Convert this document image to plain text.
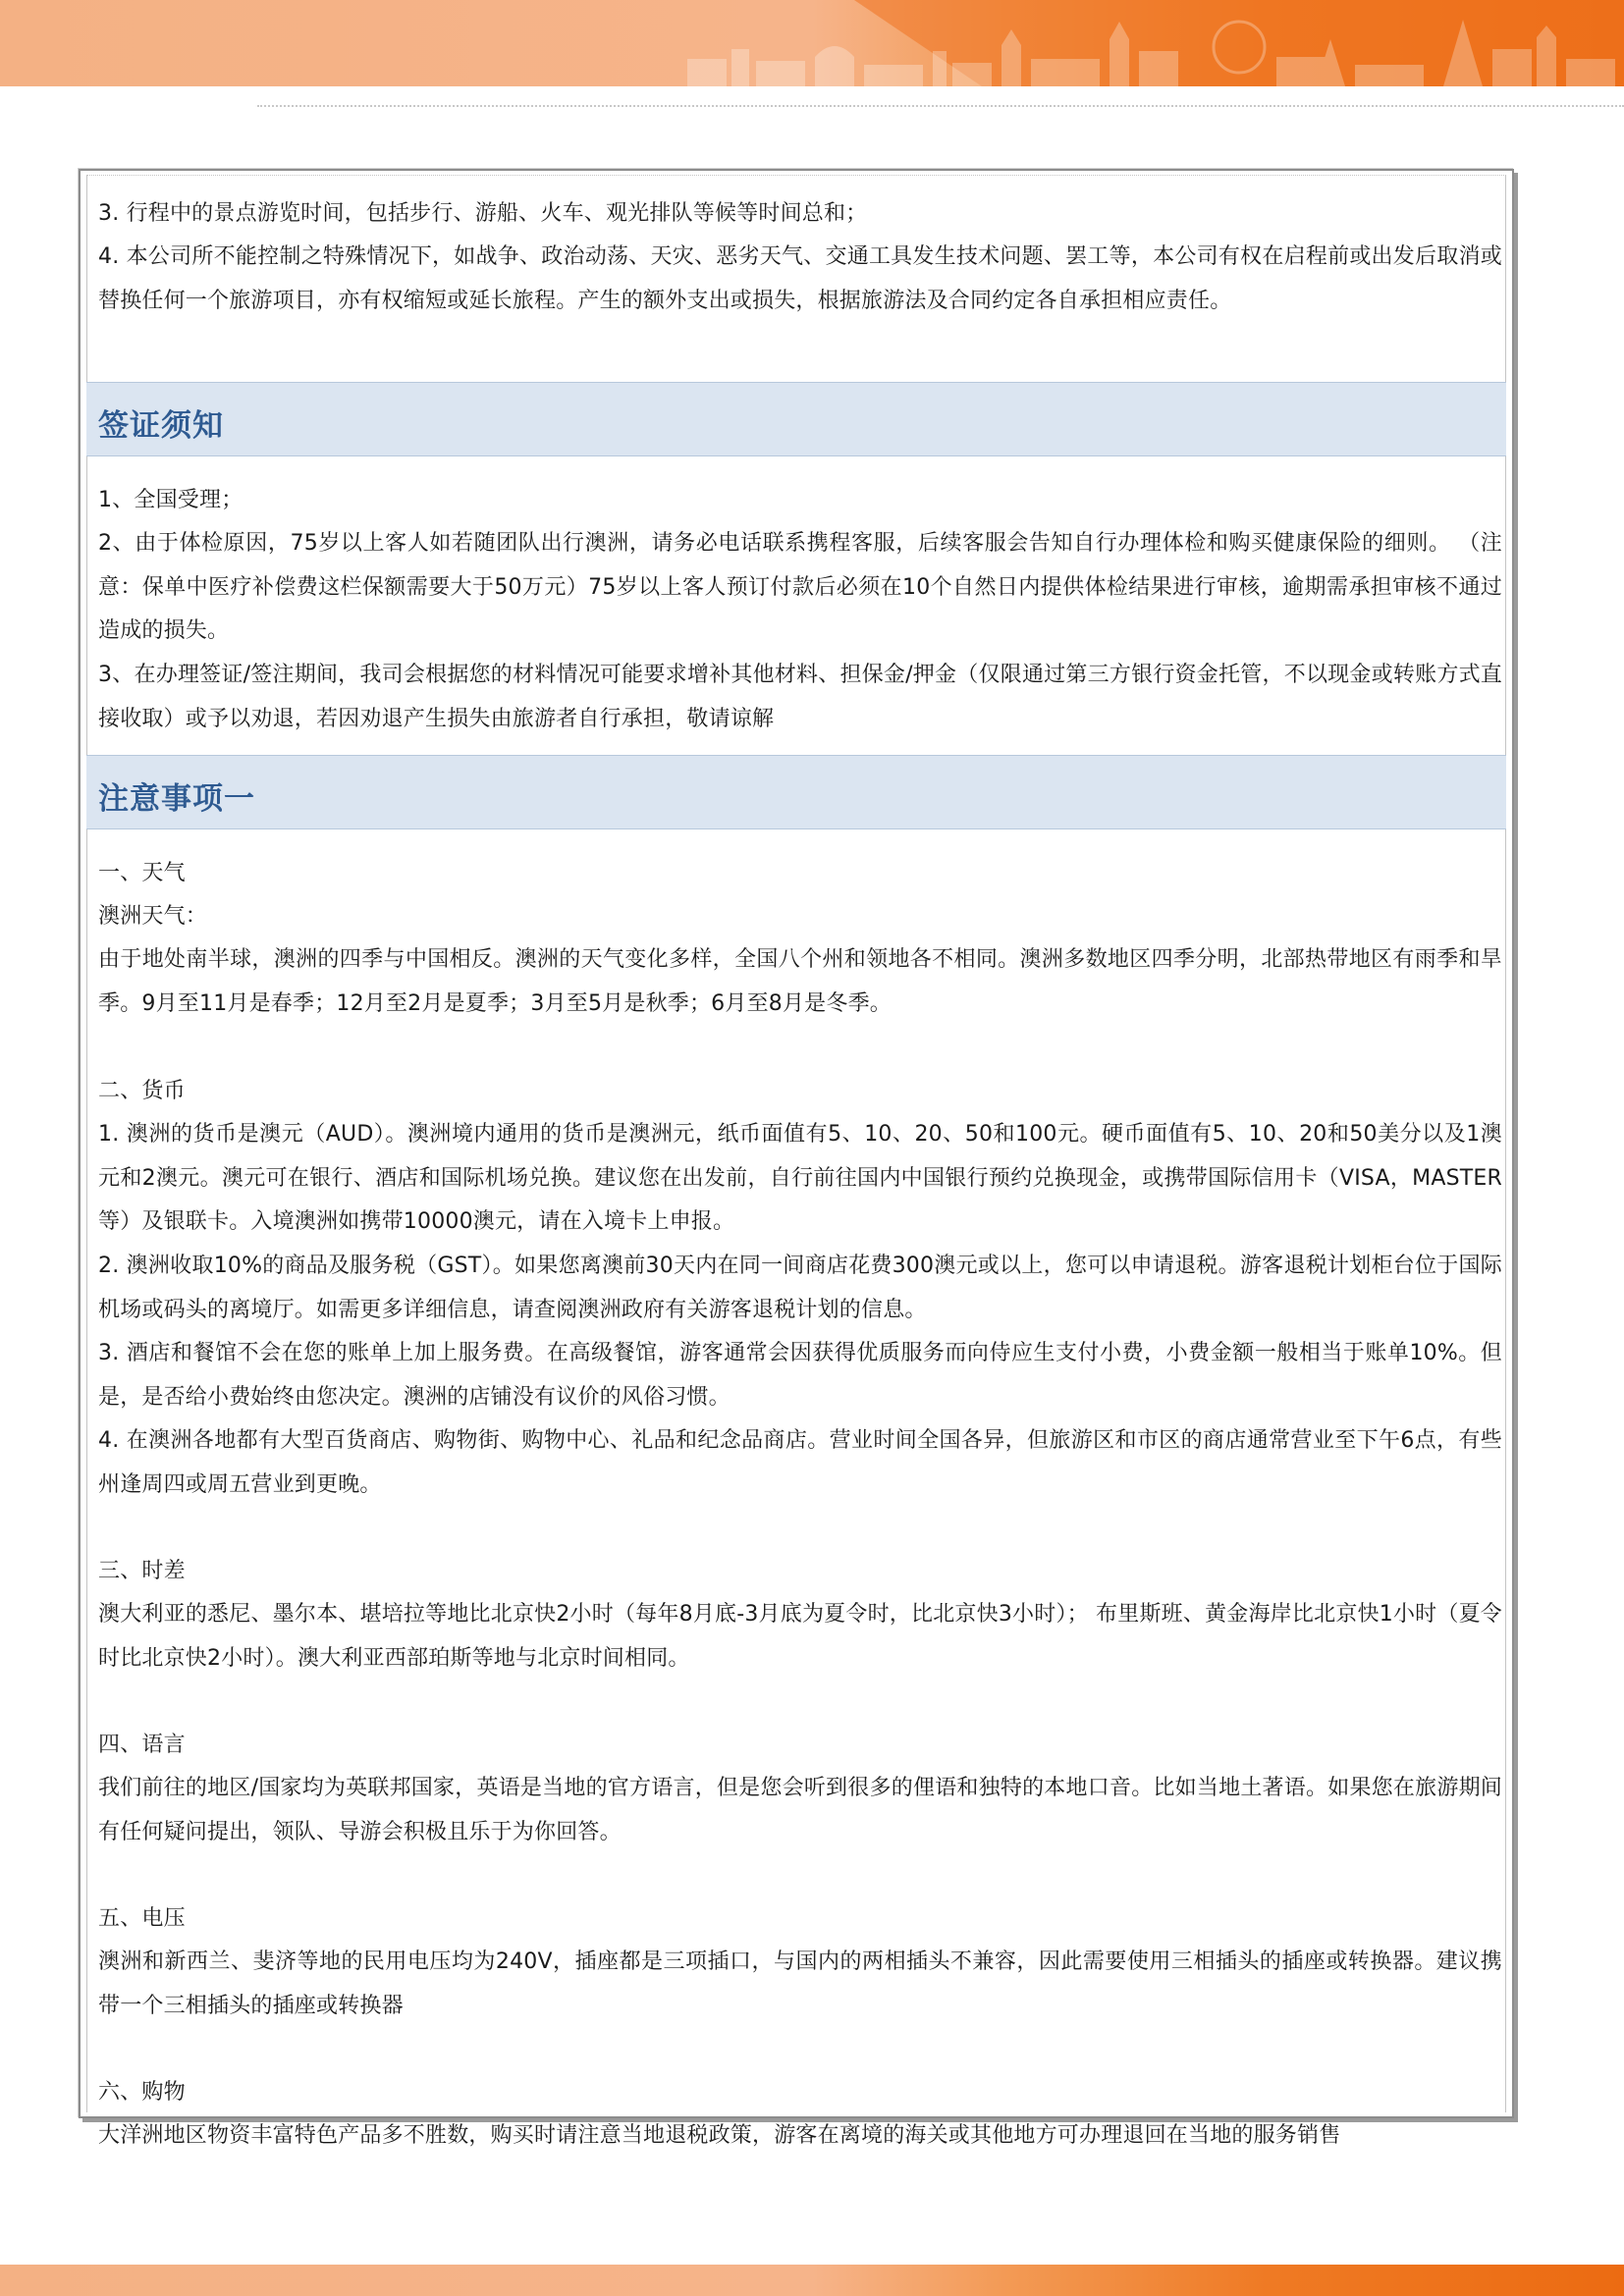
3. 行程中的景点游览时间，包括步行、游船、火车、观光排队等候等时间总和；

4. 本公司所不能控制之特殊情况下，如战争、政治动荡、天灾、恶劣天气、交通工具发生技术问题、罢工等，本公司有权在启程前或出发后取消或替换任何一个旅游项目，亦有权缩短或延长旅程。产生的额外支出或损失，根据旅游法及合同约定各自承担相应责任。

签证须知

1、全国受理；

2、由于体检原因，75岁以上客人如若随团队出行澳洲，请务必电话联系携程客服，后续客服会告知自行办理体检和购买健康保险的细则。 （注意：保单中医疗补偿费这栏保额需要大于50万元）75岁以上客人预订付款后必须在10个自然日内提供体检结果进行审核，逾期需承担审核不通过造成的损失。

3、在办理签证/签注期间，我司会根据您的材料情况可能要求增补其他材料、担保金/押金（仅限通过第三方银行资金托管，不以现金或转账方式直接收取）或予以劝退，若因劝退产生损失由旅游者自行承担，敬请谅解

注意事项一

一、天气

澳洲天气：

由于地处南半球，澳洲的四季与中国相反。澳洲的天气变化多样，全国八个州和领地各不相同。澳洲多数地区四季分明，北部热带地区有雨季和旱季。9月至11月是春季；12月至2月是夏季；3月至5月是秋季；6月至8月是冬季。

二、货币

1. 澳洲的货币是澳元（AUD）。澳洲境内通用的货币是澳洲元，纸币面值有5、10、20、50和100元。硬币面值有5、10、20和50美分以及1澳元和2澳元。澳元可在银行、酒店和国际机场兑换。建议您在出发前，自行前往国内中国银行预约兑换现金，或携带国际信用卡（VISA，MASTER等）及银联卡。入境澳洲如携带10000澳元，请在入境卡上申报。

2. 澳洲收取10%的商品及服务税（GST）。如果您离澳前30天内在同一间商店花费300澳元或以上，您可以申请退税。游客退税计划柜台位于国际机场或码头的离境厅。如需更多详细信息，请查阅澳洲政府有关游客退税计划的信息。

3. 酒店和餐馆不会在您的账单上加上服务费。在高级餐馆，游客通常会因获得优质服务而向侍应生支付小费，小费金额一般相当于账单10%。但是，是否给小费始终由您决定。澳洲的店铺没有议价的风俗习惯。

4. 在澳洲各地都有大型百货商店、购物街、购物中心、礼品和纪念品商店。营业时间全国各异，但旅游区和市区的商店通常营业至下午6点，有些州逢周四或周五营业到更晚。

三、时差

澳大利亚的悉尼、墨尔本、堪培拉等地比北京快2小时（每年8月底-3月底为夏令时，比北京快3小时）； 布里斯班、黄金海岸比北京快1小时（夏令时比北京快2小时）。澳大利亚西部珀斯等地与北京时间相同。

四、语言

我们前往的地区/国家均为英联邦国家，英语是当地的官方语言，但是您会听到很多的俚语和独特的本地口音。比如当地土著语。如果您在旅游期间有任何疑问提出，领队、导游会积极且乐于为你回答。

五、电压

澳洲和新西兰、斐济等地的民用电压均为240V，插座都是三项插口，与国内的两相插头不兼容，因此需要使用三相插头的插座或转换器。建议携带一个三相插头的插座或转换器

六、购物

大洋洲地区物资丰富特色产品多不胜数，购买时请注意当地退税政策，游客在离境的海关或其他地方可办理退回在当地的服务销售
